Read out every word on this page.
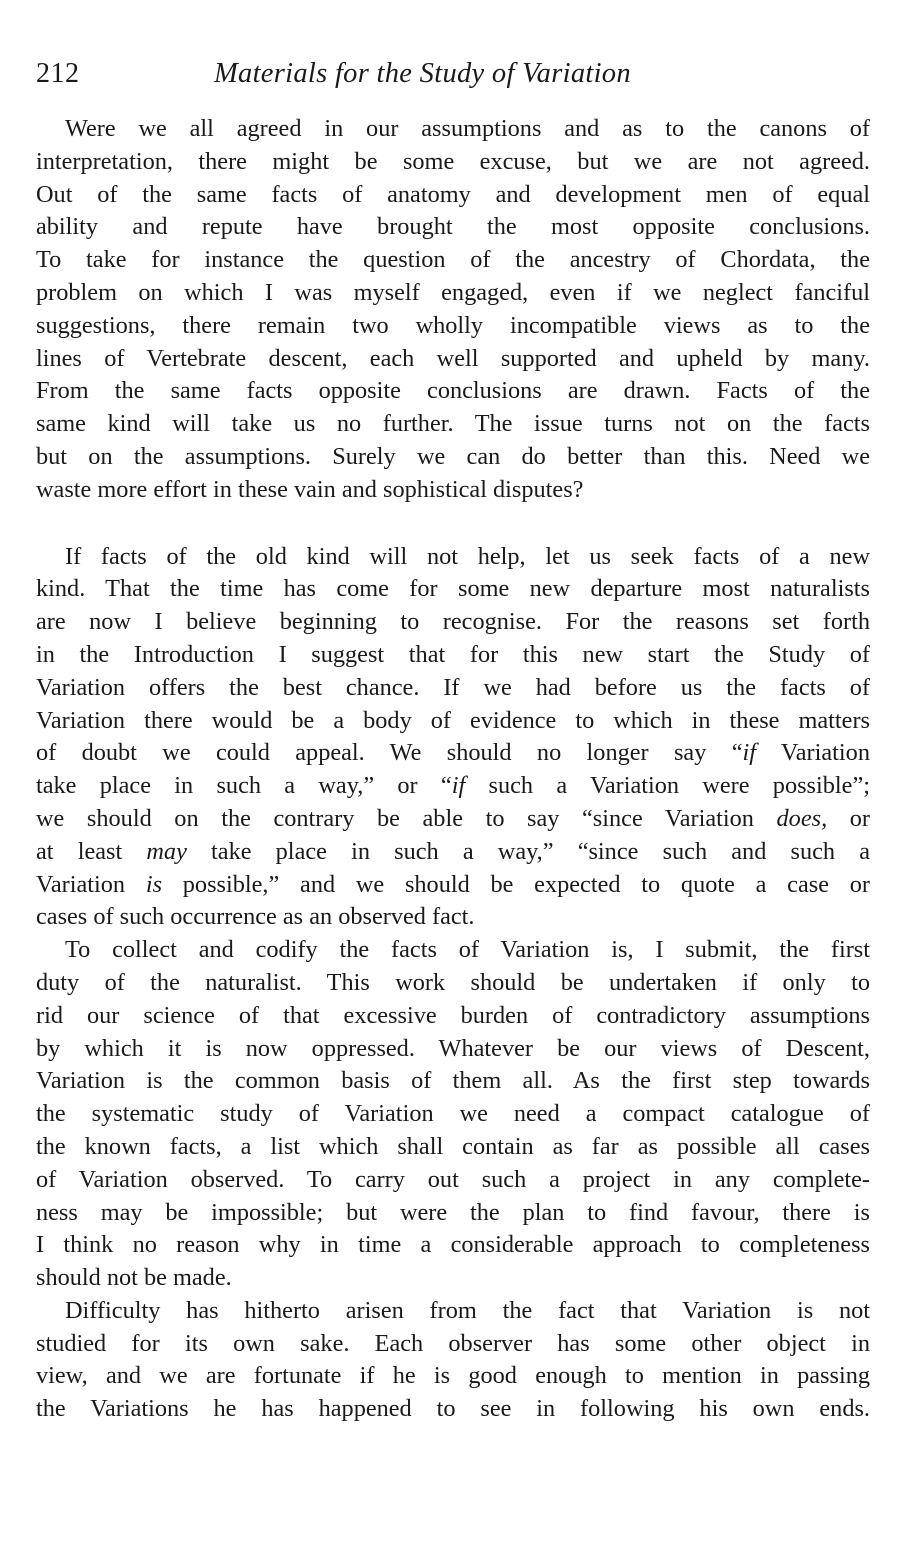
212	Materials for the Study of Variation
Were we all agreed in our assumptions and as to the canons of
interpretation, there might be some excuse, but we are not agreed.
Out of the same facts of anatomy and development men of equal
ability and repute have brought the most opposite conclusions.
To take for instance the question of the ancestry of Chordata, the
problem on which I was myself engaged, even if we neglect fanciful
suggestions, there remain two wholly incompatible views as to the
lines of Vertebrate descent, each well supported and upheld by many.
From the same facts opposite conclusions are drawn. Facts of the
same kind will take us no further. The issue turns not on the facts
but on the assumptions. Surely we can do better than this. Need we
waste more effort in these vain and sophistical disputes?
If facts of the old kind will not help, let us seek facts of a new
kind. That the time has come for some new departure most naturalists
are now I believe beginning to recognise. For the reasons set forth
in the Introduction I suggest that for this new start the Study of
Variation offers the best chance. If we had before us the facts of
Variation there would be a body of evidence to which in these matters
of doubt we could appeal. We should no longer say “if Variation
take place in such a way,” or “if such a Variation were possible”;
we should on the contrary be able to say “since Variation does, or
at least may take place in such a way,” “since such and such a
Variation is possible,” and we should be expected to quote a case or
cases of such occurrence as an observed fact.
To collect and codify the facts of Variation is, I submit, the first
duty of the naturalist. This work should be undertaken if only to
rid our science of that excessive burden of contradictory assumptions
by which it is now oppressed. Whatever be our views of Descent,
Variation is the common basis of them all. As the first step towards
the systematic study of Variation we need a compact catalogue of
the known facts, a list which shall contain as far as possible all cases
of Variation observed. To carry out such a project in any complete-
ness may be impossible; but were the plan to find favour, there is
I think no reason why in time a considerable approach to completeness
should not be made.
Difficulty has hitherto arisen from the fact that Variation is not
studied for its own sake. Each observer has some other object in
view, and we are fortunate if he is good enough to mention in passing
the Variations he has happened to see in following his own ends.
